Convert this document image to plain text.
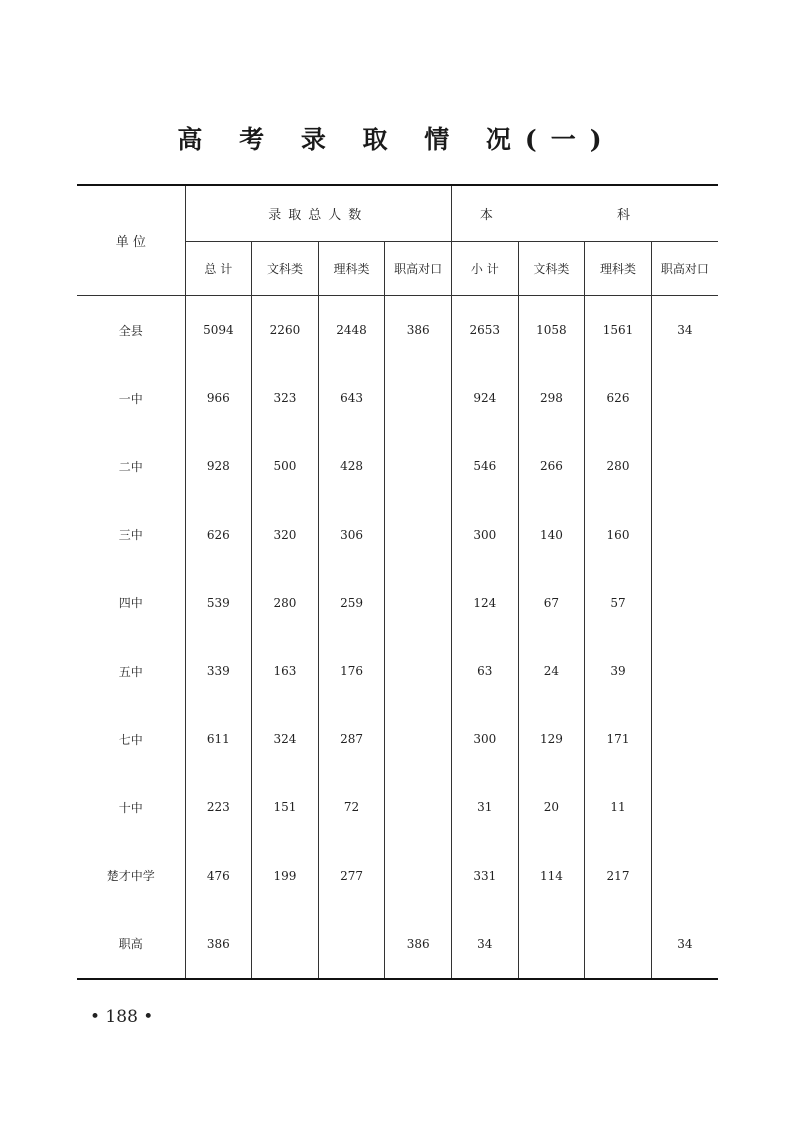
高 考 录 取 情 况(一)
单 位	录取总人数				本 科			
	总 计	文科类	理科类	职高对口	小 计	文科类	理科类	职高对口
全县	5094	2260	2448	386	2653	1058	1561	34
一中	966	323	643		924	298	626	
二中	928	500	428		546	266	280	
三中	626	320	306		300	140	160	
四中	539	280	259		124	67	57	
五中	339	163	176		63	24	39	
七中	611	324	287		300	129	171	
十中	223	151	72		31	20	11	
楚才中学	476	199	277		331	114	217	
职高	386			386	34			34
• 188 •
